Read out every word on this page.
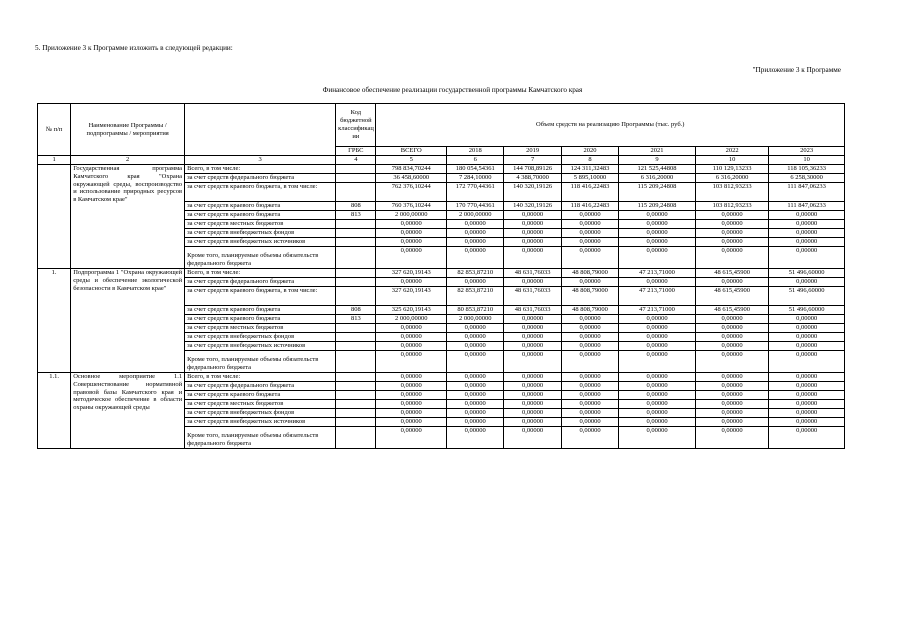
5. Приложение 3 к Программе изложить в следующей редакции:
"Приложение 3 к Программе
Финансовое обеспечение реализации государственной программы Камчатского края
№ п/п	Наименование Программы / подпрограммы / мероприятия		Код бюджетной классификац ии	Объем средств на реализацию Программы (тыс. руб.)						
			ГРБС	ВСЕГО	2018	2019	2020	2021	2022	2023
1	2	3	4	5	6	7	8	9	10	10
	Государственная программа Камчатского края "Охрана окружающей среды, воспроизводство и использование природных ресурсов в Камчатском крае"	Всего, в том числе:		798 834,70244	180 054,54361	144 708,89126	124 311,32483	121 525,44808	110 129,13233	118 105,36233
		за счет средств федерального бюджета		36 458,60000	7 284,10000	4 388,70000	5 895,10000	6 316,20000	6 316,20000	6 258,30000
		за счет средств краевого бюджета, в том числе:		762 376,10244	172 770,44361	140 320,19126	118 416,22483	115 209,24808	103 812,93233	111 847,06233
		за счет средств краевого бюджета	808	760 376,10244	170 770,44361	140 320,19126	118 416,22483	115 209,24808	103 812,93233	111 847,06233
		за счет средств краевого бюджета	813	2 000,00000	2 000,00000	0,00000	0,00000	0,00000	0,00000	0,00000
		за счет средств местных бюджетов		0,00000	0,00000	0,00000	0,00000	0,00000	0,00000	0,00000
		за счет средств внебюджетных фондов		0,00000	0,00000	0,00000	0,00000	0,00000	0,00000	0,00000
		за счет средств внебюджетных источников		0,00000	0,00000	0,00000	0,00000	0,00000	0,00000	0,00000
		Кроме того, планируемые объемы обязательств федерального бюджета		0,00000	0,00000	0,00000	0,00000	0,00000	0,00000	0,00000
1.	Подпрограмма 1 "Охрана окружающей среды и обеспечение экологической безопасности в Камчатском крае"	Всего, в том числе:		327 620,19143	82 853,87210	48 631,76033	48 808,79000	47 213,71000	48 615,45900	51 496,60000
		за счет средств федерального бюджета		0,00000	0,00000	0,00000	0,00000	0,00000	0,00000	0,00000
		за счет средств краевого бюджета, в том числе:		327 620,19143	82 853,87210	48 631,76033	48 808,79000	47 213,71000	48 615,45900	51 496,60000
		за счет средств краевого бюджета	808	325 620,19143	80 853,87210	48 631,76033	48 808,79000	47 213,71000	48 615,45900	51 496,60000
		за счет средств краевого бюджета	813	2 000,00000	2 000,00000	0,00000	0,00000	0,00000	0,00000	0,00000
		за счет средств местных бюджетов		0,00000	0,00000	0,00000	0,00000	0,00000	0,00000	0,00000
		за счет средств внебюджетных фондов		0,00000	0,00000	0,00000	0,00000	0,00000	0,00000	0,00000
		за счет средств внебюджетных источников		0,00000	0,00000	0,00000	0,00000	0,00000	0,00000	0,00000
		Кроме того, планируемые объемы обязательств федерального бюджета		0,00000	0,00000	0,00000	0,00000	0,00000	0,00000	0,00000
1.1.	Основное мероприятие 1.1 Совершенствование нормативной правовой базы Камчатского края и методическое обеспечение в области охраны окружающей среды	Всего, в том числе:		0,00000	0,00000	0,00000	0,00000	0,00000	0,00000	0,00000
		за счет средств федерального бюджета		0,00000	0,00000	0,00000	0,00000	0,00000	0,00000	0,00000
		за счет средств краевого бюджета		0,00000	0,00000	0,00000	0,00000	0,00000	0,00000	0,00000
		за счет средств местных бюджетов		0,00000	0,00000	0,00000	0,00000	0,00000	0,00000	0,00000
		за счет средств внебюджетных фондов		0,00000	0,00000	0,00000	0,00000	0,00000	0,00000	0,00000
		за счет средств внебюджетных источников		0,00000	0,00000	0,00000	0,00000	0,00000	0,00000	0,00000
		Кроме того, планируемые объемы обязательств федерального бюджета		0,00000	0,00000	0,00000	0,00000	0,00000	0,00000	0,00000
